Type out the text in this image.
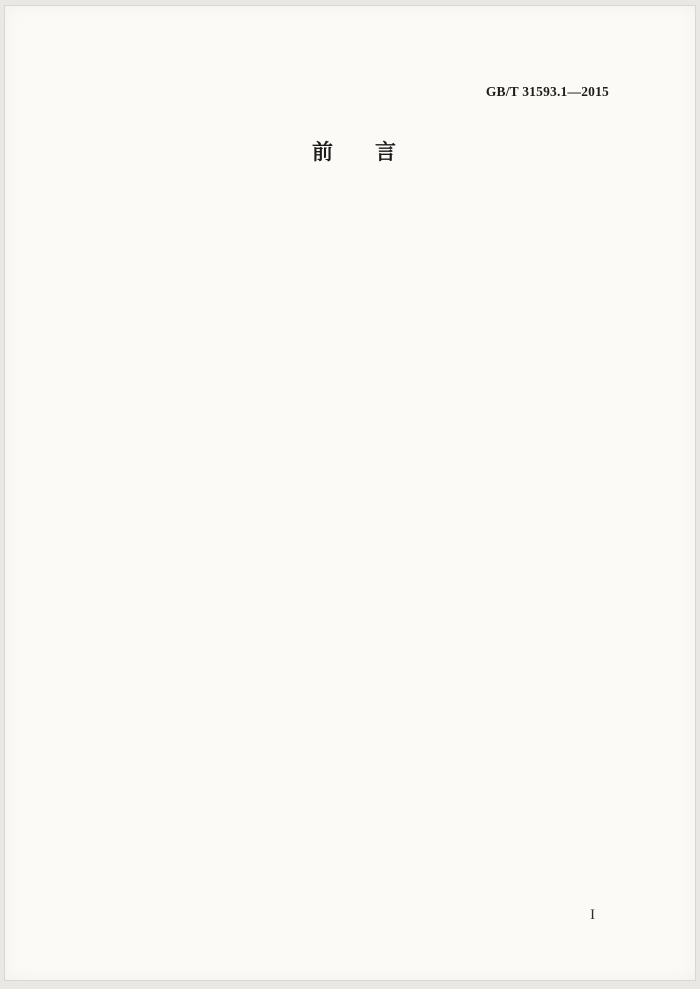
GB/T 31593.1—2015
前　　言

I
